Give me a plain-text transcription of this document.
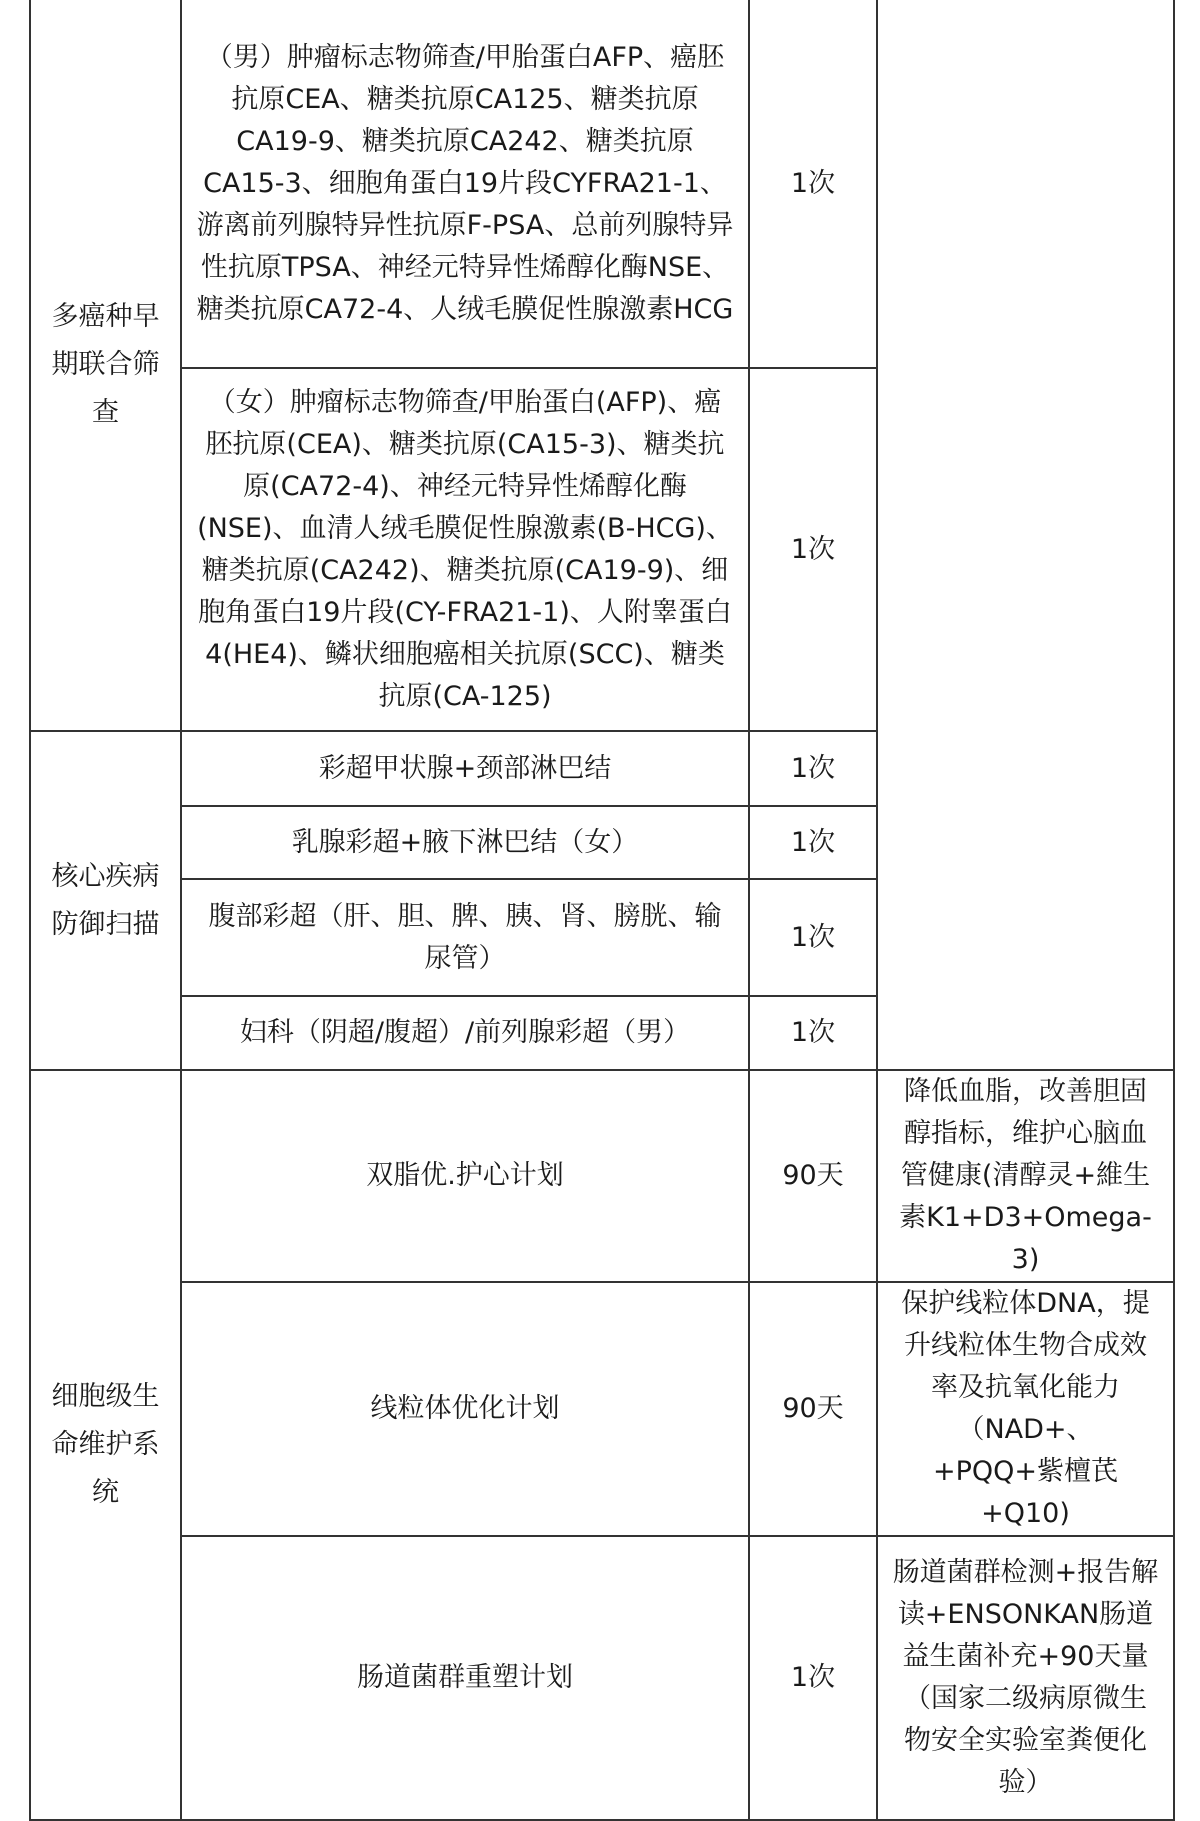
多癌种早期联合筛查	（男）肿瘤标志物筛查/甲胎蛋白AFP、癌胚抗原CEA、糖类抗原CA125、糖类抗原CA19-9、糖类抗原CA242、糖类抗原CA15-3、细胞角蛋白19片段CYFRA21-1、游离前列腺特异性抗原F-PSA、总前列腺特异性抗原TPSA、神经元特异性烯醇化酶NSE、糖类抗原CA72-4、人绒毛膜促性腺激素HCG	1次	

	（女）肿瘤标志物筛查/甲胎蛋白(AFP)、癌胚抗原(CEA)、糖类抗原(CA15-3)、糖类抗原(CA72-4)、神经元特异性烯醇化酶(NSE)、血清人绒毛膜促性腺激素(B-HCG)、糖类抗原(CA242)、糖类抗原(CA19-9)、细胞角蛋白19片段(CY-FRA21-1)、人附睾蛋白4(HE4)、鳞状细胞癌相关抗原(SCC)、糖类抗原(CA-125)	1次	

核心疾病防御扫描	彩超甲状腺+颈部淋巴结	1次	

	乳腺彩超+腋下淋巴结（女）	1次	

	腹部彩超（肝、胆、脾、胰、肾、膀胱、输尿管）	1次	

	妇科（阴超/腹超）/前列腺彩超（男）	1次	

细胞级生命维护系统	双脂优.护心计划	90天	降低血脂，改善胆固醇指标，维护心脑血管健康(清醇灵+維生素K1+D3+Omega-3)

	线粒体优化计划	90天	保护线粒体DNA，提升线粒体生物合成效率及抗氧化能力（NAD+、+PQQ+紫檀芪+Q10)

	肠道菌群重塑计划	1次	肠道菌群检测+报告解读+ENSONKAN肠道益生菌补充+90天量（国家二级病原微生物安全实验室粪便化验）
